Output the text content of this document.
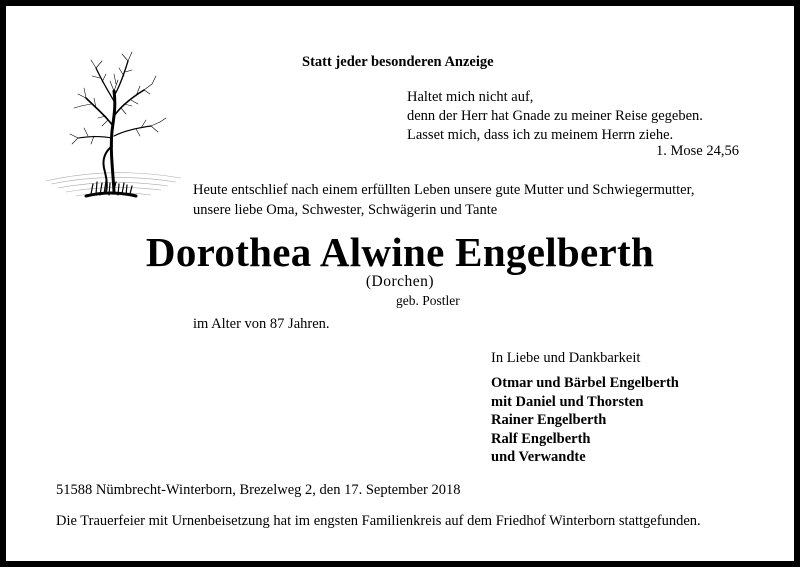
Statt jeder besonderen Anzeige
Haltet mich nicht auf,
denn der Herr hat Gnade zu meiner Reise gegeben.
Lasset mich, dass ich zu meinem Herrn ziehe.
1. Mose 24,56
Heute entschlief nach einem erfüllten Leben unsere gute Mutter und Schwiegermutter,
unsere liebe Oma, Schwester, Schwägerin und Tante
Dorothea Alwine Engelberth
(Dorchen)
geb. Postler
im Alter von 87 Jahren.
In Liebe und Dankbarkeit
Otmar und Bärbel Engelberth
mit Daniel und Thorsten
Rainer Engelberth
Ralf Engelberth
und Verwandte
51588 Nümbrecht-Winterborn, Brezelweg 2, den 17. September 2018
Die Trauerfeier mit Urnenbeisetzung hat im engsten Familienkreis auf dem Friedhof Winterborn stattgefunden.
